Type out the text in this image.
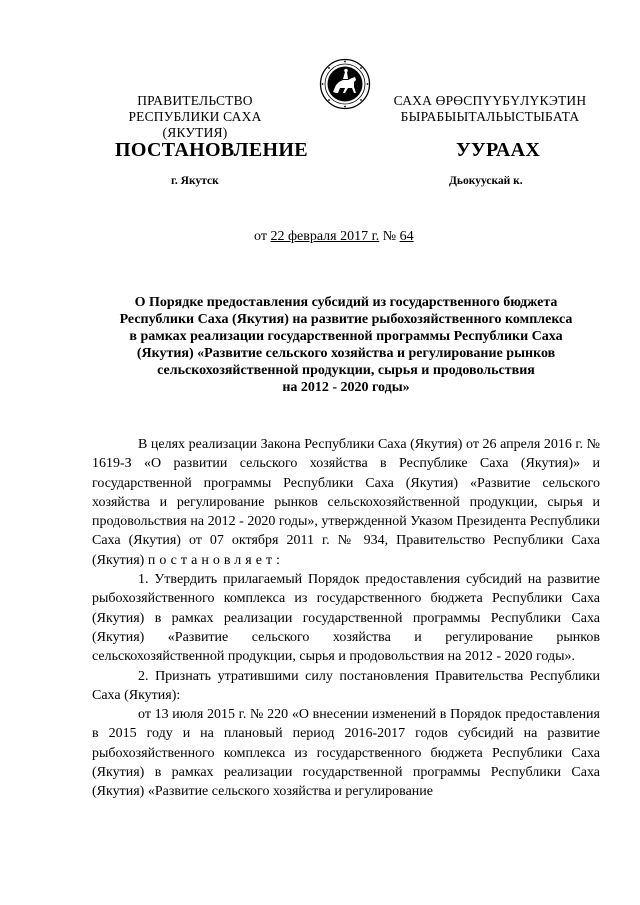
ПРАВИТЕЛЬСТВО
РЕСПУБЛИКИ САХА (ЯКУТИЯ)
САХА ӨРӨСПҮҮБҮЛҮКЭТИН
БЫРАБЫЫТАЛЬЫСТЫБАТА
ПОСТАНОВЛЕНИЕ	УУРААХ
г. Якутск	Дьокуускай к.
от 22 февраля 2017 г. № 64
О Порядке предоставления субсидий из государственного бюджета
Республики Саха (Якутия) на развитие рыбохозяйственного комплекса
в рамках реализации государственной программы Республики Саха
(Якутия) «Развитие сельского хозяйства и регулирование рынков
сельскохозяйственной продукции, сырья и продовольствия
на 2012 - 2020 годы»

В целях реализации Закона Республики Саха (Якутия) от 26 апреля 2016 г. № 1619-З «О развитии сельского хозяйства в Республике Саха (Якутия)» и государственной программы Республики Саха (Якутия) «Развитие сельского хозяйства и регулирование рынков сельскохозяйственной продукции, сырья и продовольствия на 2012 - 2020 годы», утвержденной Указом Президента Республики Саха (Якутия) от 07 октября 2011 г. № 934, Правительство Республики Саха (Якутия) постановляет:

1. Утвердить прилагаемый Порядок предоставления субсидий на развитие рыбохозяйственного комплекса из государственного бюджета Республики Саха (Якутия) в рамках реализации государственной программы Республики Саха (Якутия) «Развитие сельского хозяйства и регулирование рынков сельскохозяйственной продукции, сырья и продовольствия на 2012 - 2020 годы».

2. Признать утратившими силу постановления Правительства Республики Саха (Якутия):

от 13 июля 2015 г. № 220 «О внесении изменений в Порядок предоставления в 2015 году и на плановый период 2016-2017 годов субсидий на развитие рыбохозяйственного комплекса из государственного бюджета Республики Саха (Якутия) в рамках реализации государственной программы Республики Саха (Якутия) «Развитие сельского хозяйства и регулирование
